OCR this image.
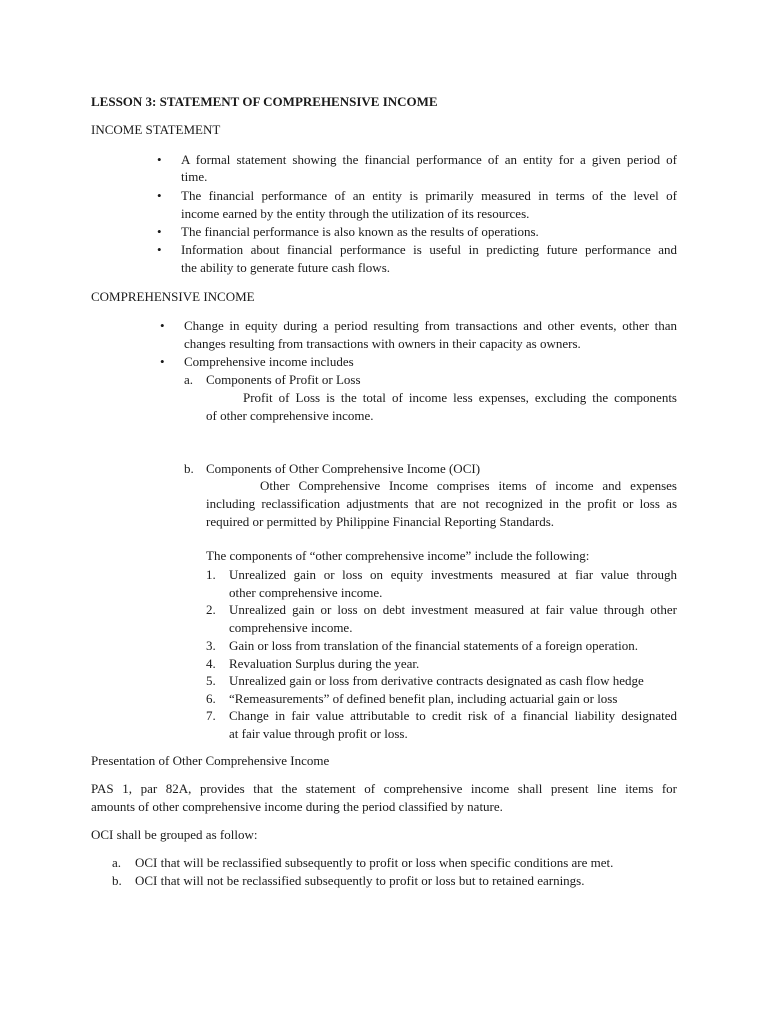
LESSON 3: STATEMENT OF COMPREHENSIVE INCOME
INCOME STATEMENT
• A formal statement showing the financial performance of an entity for a given period of
time.
• The financial performance of an entity is primarily measured in terms of the level of
income earned by the entity through the utilization of its resources.
• The financial performance is also known as the results of operations.
• Information about financial performance is useful in predicting future performance and
the ability to generate future cash flows.
COMPREHENSIVE INCOME
• Change in equity during a period resulting from transactions and other events, other than
changes resulting from transactions with owners in their capacity as owners.
• Comprehensive income includes
a. Components of Profit or Loss
Profit of Loss is the total of income less expenses, excluding the components
of other comprehensive income.
b. Components of Other Comprehensive Income (OCI)
Other Comprehensive Income comprises items of income and expenses
including reclassification adjustments that are not recognized in the profit or loss as
required or permitted by Philippine Financial Reporting Standards.
The components of “other comprehensive income” include the following:
1. Unrealized gain or loss on equity investments measured at fiar value through
other comprehensive income.
2. Unrealized gain or loss on debt investment measured at fair value through other
comprehensive income.
3. Gain or loss from translation of the financial statements of a foreign operation.
4. Revaluation Surplus during the year.
5. Unrealized gain or loss from derivative contracts designated as cash flow hedge
6. “Remeasurements” of defined benefit plan, including actuarial gain or loss
7. Change in fair value attributable to credit risk of a financial liability designated
at fair value through profit or loss.
Presentation of Other Comprehensive Income
PAS 1, par 82A, provides that the statement of comprehensive income shall present line items for
amounts of other comprehensive income during the period classified by nature.
OCI shall be grouped as follow:
a. OCI that will be reclassified subsequently to profit or loss when specific conditions are met.
b. OCI that will not be reclassified subsequently to profit or loss but to retained earnings.
